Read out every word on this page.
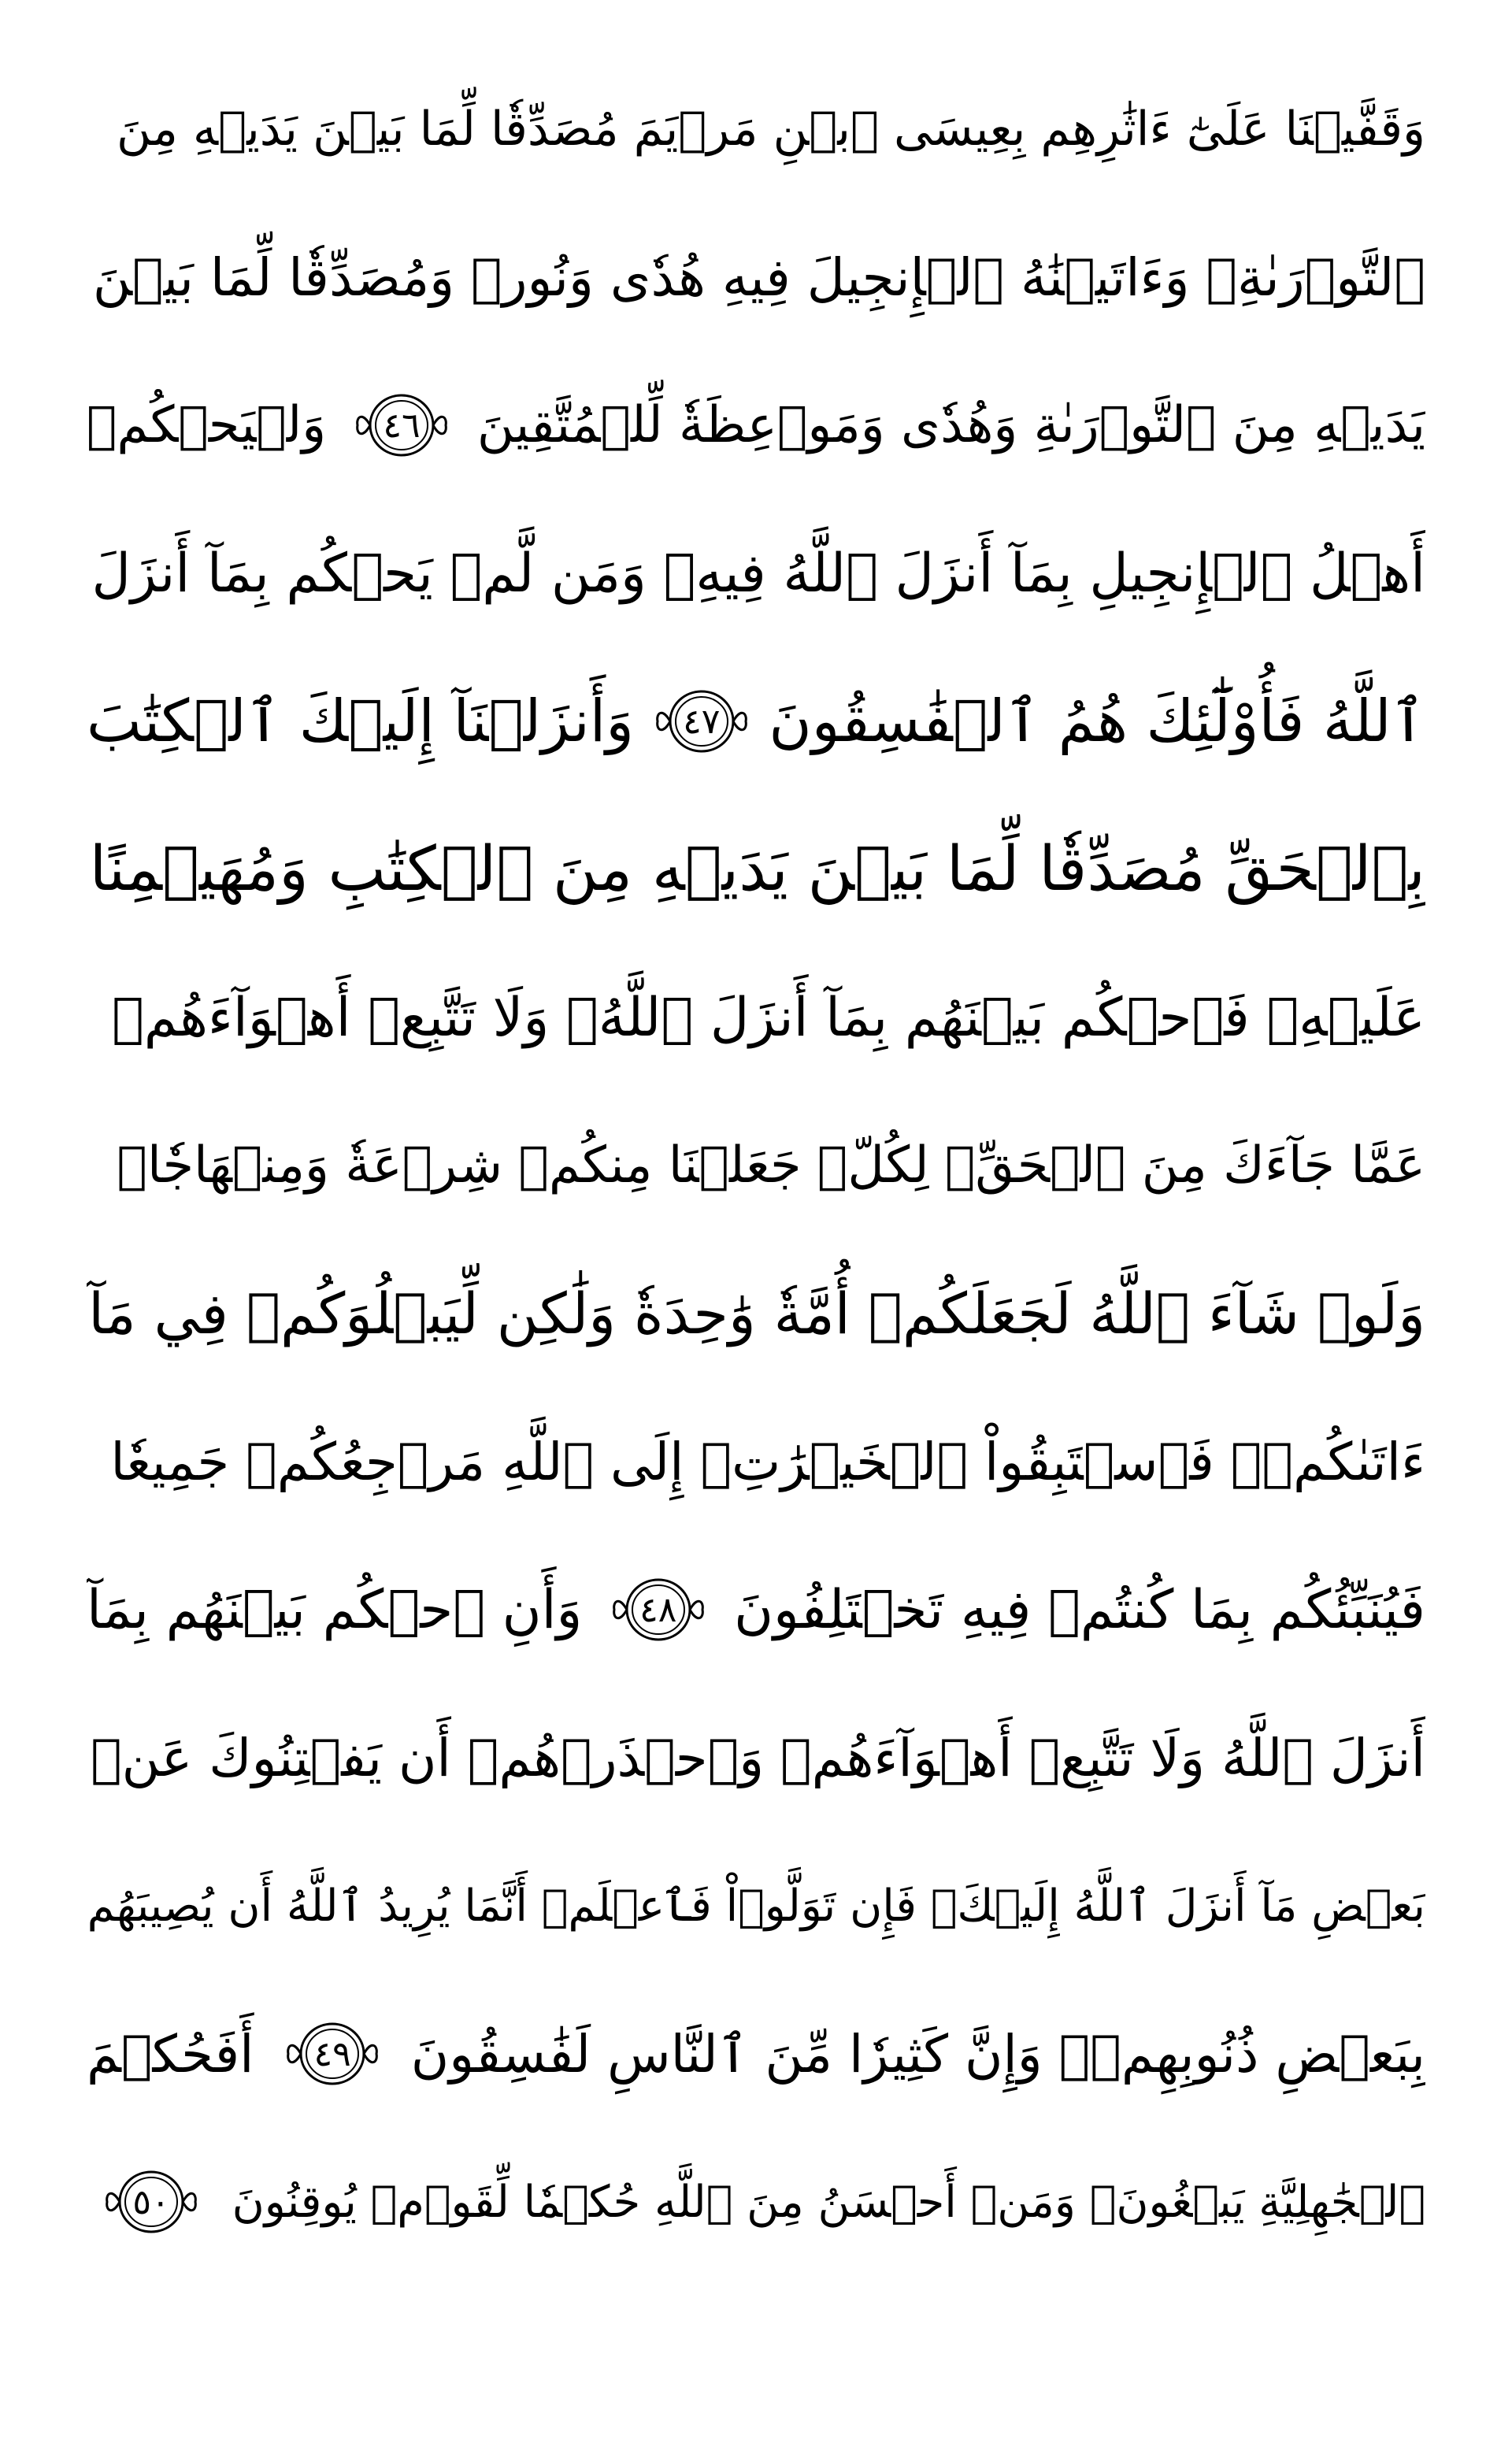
وَقَفَّيۡنَا عَلَىٰٓ ءَاثَٰرِهِم بِعِيسَى ٱبۡنِ مَرۡيَمَ مُصَدِّقٗا لِّمَا بَيۡنَ يَدَيۡهِ مِنَ
ٱلتَّوۡرَىٰةِۖ وَءَاتَيۡنَٰهُ ٱلۡإِنجِيلَ فِيهِ هُدٗى وَنُورٞ وَمُصَدِّقٗا لِّمَا بَيۡنَ
يَدَيۡهِ مِنَ ٱلتَّوۡرَىٰةِ وَهُدٗى وَمَوۡعِظَةٗ لِّلۡمُتَّقِينَ
٤٦
وَلۡيَحۡكُمۡ
أَهۡلُ ٱلۡإِنجِيلِ بِمَآ أَنزَلَ ٱللَّهُ فِيهِۚ وَمَن لَّمۡ يَحۡكُم بِمَآ أَنزَلَ
ٱللَّهُ فَأُوْلَٰٓئِكَ هُمُ ٱلۡفَٰسِقُونَ
٤٧
وَأَنزَلۡنَآ إِلَيۡكَ ٱلۡكِتَٰبَ
بِٱلۡحَقِّ مُصَدِّقٗا لِّمَا بَيۡنَ يَدَيۡهِ مِنَ ٱلۡكِتَٰبِ وَمُهَيۡمِنًا
عَلَيۡهِۖ فَٱحۡكُم بَيۡنَهُم بِمَآ أَنزَلَ ٱللَّهُۖ وَلَا تَتَّبِعۡ أَهۡوَآءَهُمۡ
عَمَّا جَآءَكَ مِنَ ٱلۡحَقِّۚ لِكُلّٖ جَعَلۡنَا مِنكُمۡ شِرۡعَةٗ وَمِنۡهَاجٗاۚ
وَلَوۡ شَآءَ ٱللَّهُ لَجَعَلَكُمۡ أُمَّةٗ وَٰحِدَةٗ وَلَٰكِن لِّيَبۡلُوَكُمۡ فِي مَآ
ءَاتَىٰكُمۡۖ فَٱسۡتَبِقُواْ ٱلۡخَيۡرَٰتِۚ إِلَى ٱللَّهِ مَرۡجِعُكُمۡ جَمِيعٗا
فَيُنَبِّئُكُم بِمَا كُنتُمۡ فِيهِ تَخۡتَلِفُونَ
٤٨
وَأَنِ ٱحۡكُم بَيۡنَهُم بِمَآ
أَنزَلَ ٱللَّهُ وَلَا تَتَّبِعۡ أَهۡوَآءَهُمۡ وَٱحۡذَرۡهُمۡ أَن يَفۡتِنُوكَ عَنۢ
بَعۡضِ مَآ أَنزَلَ ٱللَّهُ إِلَيۡكَۖ فَإِن تَوَلَّوۡاْ فَٱعۡلَمۡ أَنَّمَا يُرِيدُ ٱللَّهُ أَن يُصِيبَهُم
بِبَعۡضِ ذُنُوبِهِمۡۗ وَإِنَّ كَثِيرٗا مِّنَ ٱلنَّاسِ لَفَٰسِقُونَ
٤٩
أَفَحُكۡمَ
ٱلۡجَٰهِلِيَّةِ يَبۡغُونَۚ وَمَنۡ أَحۡسَنُ مِنَ ٱللَّهِ حُكۡمٗا لِّقَوۡمٖ يُوقِنُونَ
٥٠
